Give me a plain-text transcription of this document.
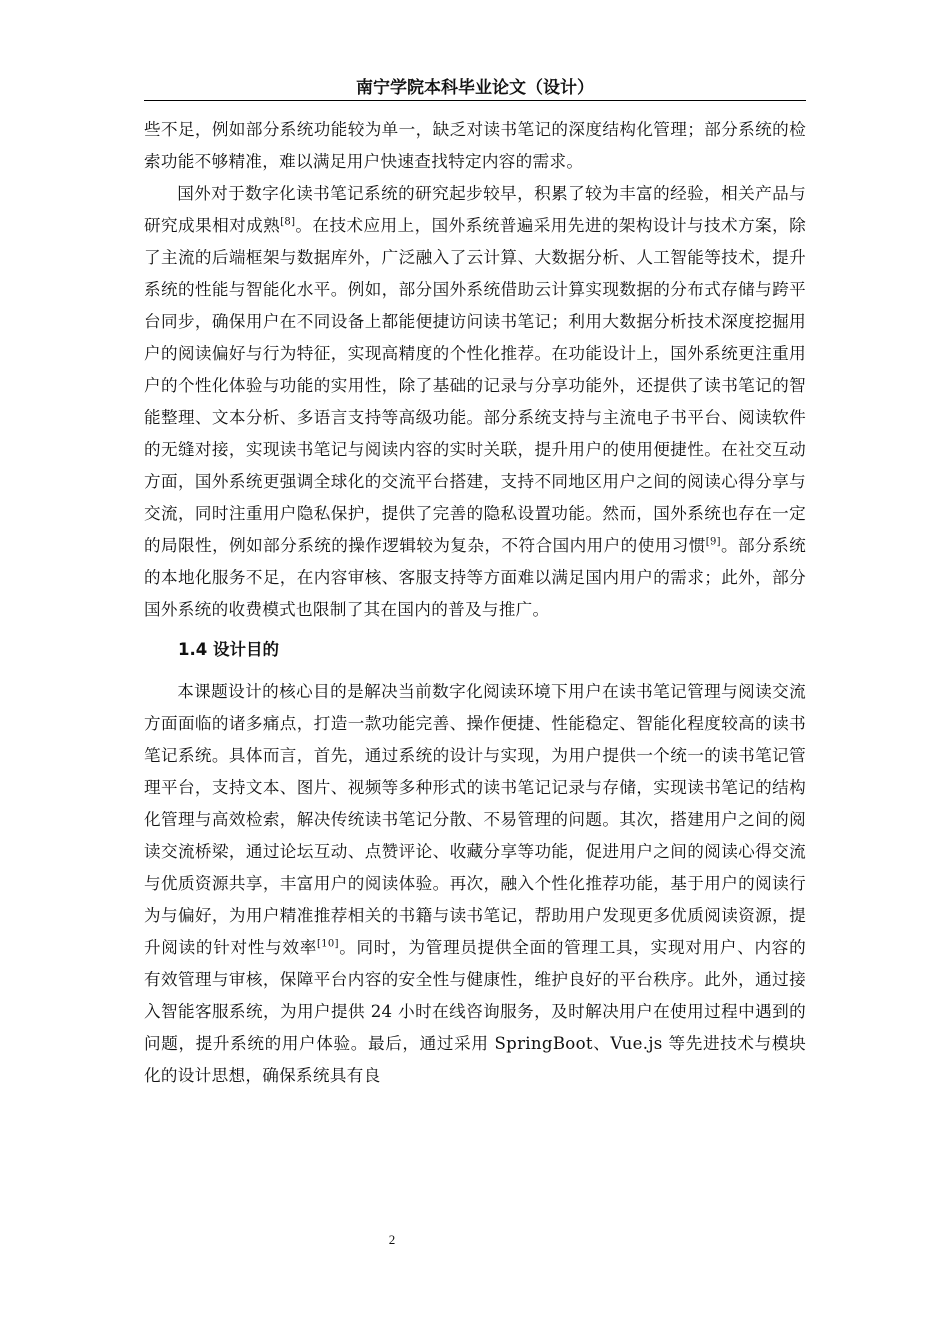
南宁学院本科毕业论文（设计）

些不足，例如部分系统功能较为单一，缺乏对读书笔记的深度结构化管理；部分系统的检索功能不够精准，难以满足用户快速查找特定内容的需求。

国外对于数字化读书笔记系统的研究起步较早，积累了较为丰富的经验，相关产品与研究成果相对成熟[8]。在技术应用上，国外系统普遍采用先进的架构设计与技术方案，除了主流的后端框架与数据库外，广泛融入了云计算、大数据分析、人工智能等技术，提升系统的性能与智能化水平。例如，部分国外系统借助云计算实现数据的分布式存储与跨平台同步，确保用户在不同设备上都能便捷访问读书笔记；利用大数据分析技术深度挖掘用户的阅读偏好与行为特征，实现高精度的个性化推荐。在功能设计上，国外系统更注重用户的个性化体验与功能的实用性，除了基础的记录与分享功能外，还提供了读书笔记的智能整理、文本分析、多语言支持等高级功能。部分系统支持与主流电子书平台、阅读软件的无缝对接，实现读书笔记与阅读内容的实时关联，提升用户的使用便捷性。在社交互动方面，国外系统更强调全球化的交流平台搭建，支持不同地区用户之间的阅读心得分享与交流，同时注重用户隐私保护，提供了完善的隐私设置功能。然而，国外系统也存在一定的局限性，例如部分系统的操作逻辑较为复杂，不符合国内用户的使用习惯[9]。部分系统的本地化服务不足，在内容审核、客服支持等方面难以满足国内用户的需求；此外，部分国外系统的收费模式也限制了其在国内的普及与推广。

1.4 设计目的

本课题设计的核心目的是解决当前数字化阅读环境下用户在读书笔记管理与阅读交流方面面临的诸多痛点，打造一款功能完善、操作便捷、性能稳定、智能化程度较高的读书笔记系统。具体而言，首先，通过系统的设计与实现，为用户提供一个统一的读书笔记管理平台，支持文本、图片、视频等多种形式的读书笔记记录与存储，实现读书笔记的结构化管理与高效检索，解决传统读书笔记分散、不易管理的问题。其次，搭建用户之间的阅读交流桥梁，通过论坛互动、点赞评论、收藏分享等功能，促进用户之间的阅读心得交流与优质资源共享，丰富用户的阅读体验。再次，融入个性化推荐功能，基于用户的阅读行为与偏好，为用户精准推荐相关的书籍与读书笔记，帮助用户发现更多优质阅读资源，提升阅读的针对性与效率[10]。同时，为管理员提供全面的管理工具，实现对用户、内容的有效管理与审核，保障平台内容的安全性与健康性，维护良好的平台秩序。此外，通过接入智能客服系统，为用户提供 24 小时在线咨询服务，及时解决用户在使用过程中遇到的问题，提升系统的用户体验。最后，通过采用 SpringBoot、Vue.js 等先进技术与模块化的设计思想，确保系统具有良

2
